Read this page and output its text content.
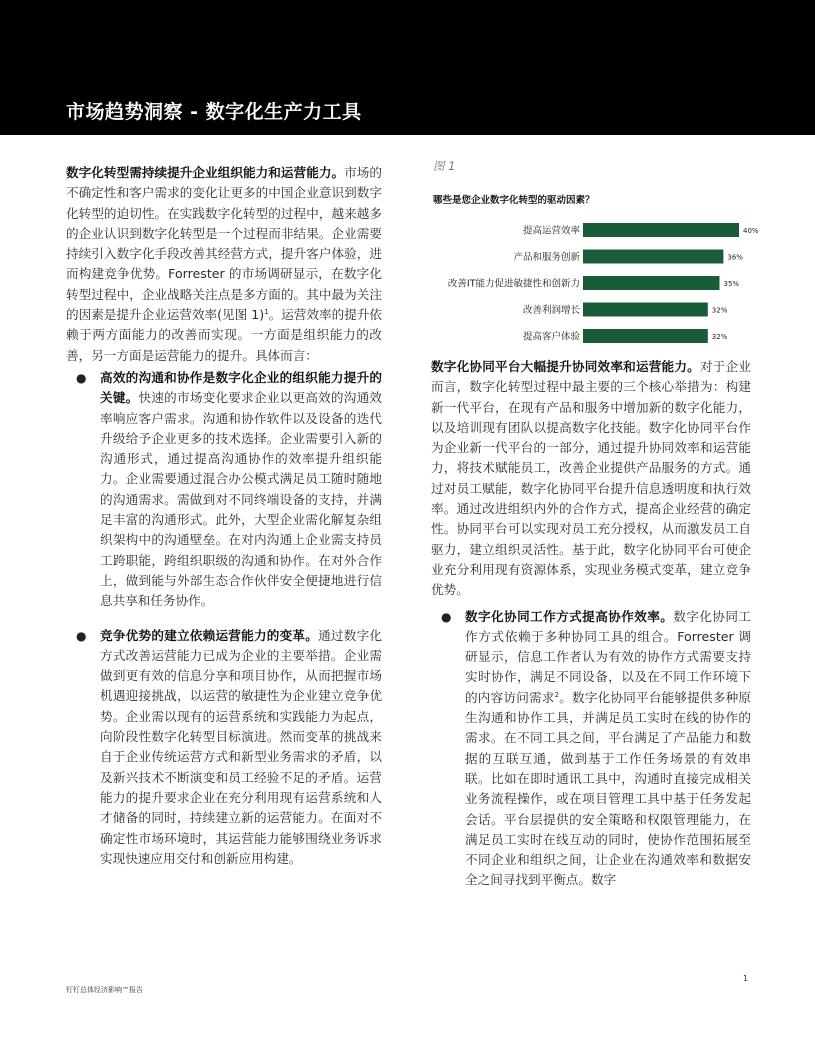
市场趋势洞察 - 数字化生产力工具

数字化转型需持续提升企业组织能力和运营能力。市场的不确定性和客户需求的变化让更多的中国企业意识到数字化转型的迫切性。在实践数字化转型的过程中，越来越多的企业认识到数字化转型是一个过程而非结果。企业需要持续引入数字化手段改善其经营方式，提升客户体验，进而构建竞争优势。Forrester 的市场调研显示，在数字化转型过程中，企业战略关注点是多方面的。其中最为关注的因素是提升企业运营效率(见图 1)$^1$。运营效率的提升依赖于两方面能力的改善而实现。一方面是组织能力的改善，另一方面是运营能力的提升。具体而言：

● 高效的沟通和协作是数字化企业的组织能力提升的关键。快速的市场变化要求企业以更高效的沟通效率响应客户需求。沟通和协作软件以及设备的迭代升级给予企业更多的技术选择。企业需要引入新的沟通形式，通过提高沟通协作的效率提升组织能力。企业需要通过混合办公模式满足员工随时随地的沟通需求。需做到对不同终端设备的支持，并满足丰富的沟通形式。此外，大型企业需化解复杂组织架构中的沟通壁垒。在对内沟通上企业需支持员工跨职能，跨组织职级的沟通和协作。在对外合作上，做到能与外部生态合作伙伴安全便捷地进行信息共享和任务协作。
● 竞争优势的建立依赖运营能力的变革。通过数字化方式改善运营能力已成为企业的主要举措。企业需做到更有效的信息分享和项目协作，从而把握市场机遇迎接挑战，以运营的敏捷性为企业建立竞争优势。企业需以现有的运营系统和实践能力为起点，向阶段性数字化转型目标演进。然而变革的挑战来自于企业传统运营方式和新型业务需求的矛盾，以及新兴技术不断演变和员工经验不足的矛盾。运营能力的提升要求企业在充分利用现有运营系统和人才储备的同时，持续建立新的运营能力。在面对不确定性市场环境时，其运营能力能够围绕业务诉求实现快速应用交付和创新应用构建。
图 1
哪些是您企业数字化转型的驱动因素？
提高运营效率	40%
产品和服务创新	36%
改善IT能力促进敏捷性和创新力	35%
改善利润增长	32%
提高客户体验	32%

数字化协同平台大幅提升协同效率和运营能力。对于企业而言，数字化转型过程中最主要的三个核心举措为：构建新一代平台，在现有产品和服务中增加新的数字化能力，以及培训现有团队以提高数字化技能。数字化协同平台作为企业新一代平台的一部分，通过提升协同效率和运营能力，将技术赋能员工，改善企业提供产品服务的方式。通过对员工赋能，数字化协同平台提升信息透明度和执行效率。通过改进组织内外的合作方式，提高企业经营的确定性。协同平台可以实现对员工充分授权，从而激发员工自驱力，建立组织灵活性。基于此，数字化协同平台可使企业充分利用现有资源体系，实现业务模式变革，建立竞争优势。

● 数字化协同工作方式提高协作效率。数字化协同工作方式依赖于多种协同工具的组合。Forrester 调研显示，信息工作者认为有效的协作方式需要支持实时协作，满足不同设备，以及在不同工作环境下的内容访问需求$^2$。数字化协同平台能够提供多种原生沟通和协作工具，并满足员工实时在线的协作的需求。在不同工具之间，平台满足了产品能力和数据的互联互通，做到基于工作任务场景的有效串联。比如在即时通讯工具中，沟通时直接完成相关业务流程操作，或在项目管理工具中基于任务发起会话。平台层提供的安全策略和权限管理能力，在满足员工实时在线互动的同时，使协作范围拓展至不同企业和组织之间，让企业在沟通效率和数据安全之间寻找到平衡点。数字
钉钉总体经济影响™报告
1
